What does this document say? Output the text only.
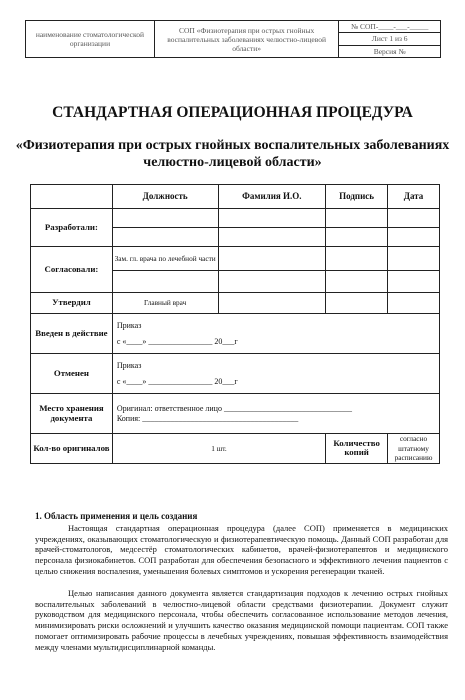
наименование стоматологической организации	СОП «Физиотерапия при острых гнойных воспалительных заболеваниях челюстно-лицевой области»	№ СОП-____-___-_____
Лист 1 из 6
Версия №
СТАНДАРТНАЯ ОПЕРАЦИОННАЯ ПРОЦЕДУРА
«Физиотерапия при острых гнойных воспалительных заболеваниях челюстно-лицевой области»
	Должность	Фамилия И.О.	Подпись	Дата
Разработали:				

Согласовали:	Зам. гл. врача по лечебной части			

Утвердил	Главный врач			
Введен в действие	Приказ
с «____» ________________ 20___г			

Отменен	Приказ
с «____» ________________ 20___г			

Место хранения документа	Оригинал: ответственное лицо ________________________________
Копия: _______________________________________			

Кол-во оригиналов	1 шт.		Количество копий	согласно штатному расписанию
1. Область применения и цель создания

Настоящая стандартная операционная процедура (далее СОП) применяется в медицинских учреждениях, оказывающих стоматологическую и физиотерапевтическую помощь. Данный СОП разработан для врачей-стоматологов, медсестёр стоматологических кабинетов, врачей-физиотерапевтов и медицинского персонала физиокабинетов. СОП разработан для обеспечения безопасного и эффективного лечения пациентов с целью снижения воспаления, уменьшения болевых симптомов и ускорения регенерации тканей.

Целью написания данного документа является стандартизация подходов к лечению острых гнойных воспалительных заболеваний в челюстно-лицевой области средствами физиотерапии. Документ служит руководством для медицинского персонала, чтобы обеспечить согласованное использование методов лечения, минимизировать риски осложнений и улучшить качество оказания медицинской помощи пациентам. СОП также помогает оптимизировать рабочие процессы в лечебных учреждениях, повышая эффективность взаимодействия между членами мультидисциплинарной команды.
